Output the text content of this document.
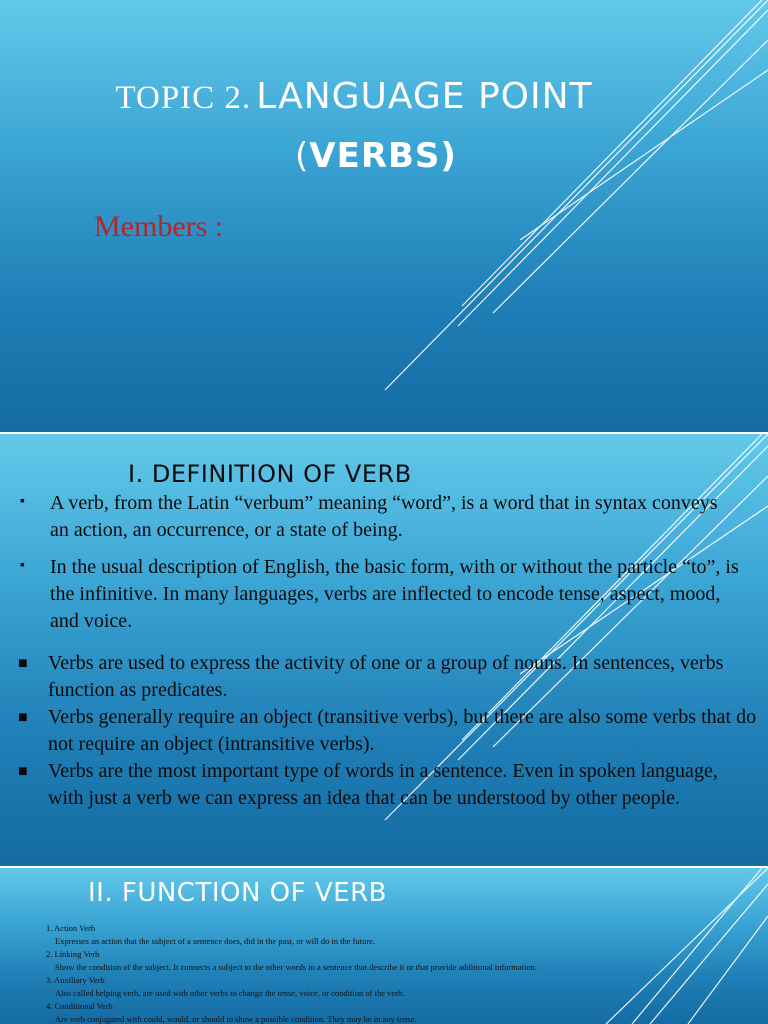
TOPIC 2. LANGUAGE POINT
(VERBS)
Members :
I. DEFINITION OF VERB
▪	A verb, from the Latin “verbum” meaning “word”, is a word that in syntax conveys an action, an occurrence, or a state of being.
▪	In the usual description of English, the basic form, with or without the particle “to”, is the infinitive. In many languages, verbs are inflected to encode tense, aspect, mood, and voice.
■	Verbs are used to express the activity of one or a group of nouns. In sentences, verbs function as predicates.
■	Verbs generally require an object (transitive verbs), but there are also some verbs that do not require an object (intransitive verbs).
■	Verbs are the most important type of words in a sentence. Even in spoken language, with just a verb we can express an idea that can be understood by other people.
II. FUNCTION OF VERB
1. Action Verb
Expresses an action that the subject of a sentence does, did in the past, or will do in the future.
2. Linking Verb
Show the condition of the subject. It connects a subject to the other words in a sentence that describe it or that provide additional information.
3. Auxiliary Verb
Also called helping verb, are used with other verbs to change the tense, voice, or condition of the verb.
4. Conditional Verb
Are verb conjugated with could, would, or should to show a possible condition. They may be in any tense.
